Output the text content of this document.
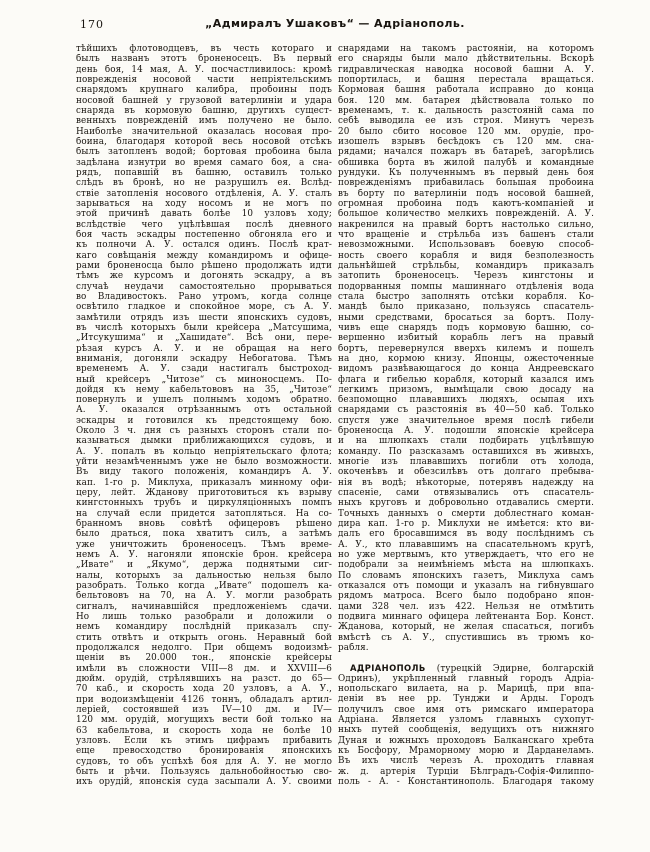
170	„Адмиралъ Ушаковъ“ — Адріанополь.
тѣйшихъ флотоводцевъ, въ честь котораго и
былъ названъ этотъ броненосецъ. Въ первый
день боя, 14 мая, А. У. посчастливилось: кромѣ
поврежденія носовой части непріятельскимъ
снарядомъ крупнаго калибра, пробоины подъ
носовой башней у грузовой ватерлиніи и удара
снаряда въ кормовую башню, другихъ сущест-
венныхъ поврежденій имъ получено не было.
Наиболѣе значительной оказалась носовая про-
боина, благодаря которой весь носовой отсѣкъ
былъ затопленъ водой; бортовая пробоина была
задѣлана изнутри во время самаго боя, а сна-
рядъ, попавшій въ башню, оставилъ только
слѣдъ въ бронѣ, но не разрушилъ ея. Вслѣд-
ствіе затопленія носового отдѣленія, А. У. сталъ
зарываться на ходу носомъ и не могъ по
этой причинѣ давать болѣе 10 узловъ ходу;
вслѣдствіе чего уцѣлѣвшая послѣ дневного
боя часть эскадры постепенно обгоняла его и
къ полночи А. У. остался одинъ. Послѣ крат-
каго совѣщанія между командиромъ и офице-
рами броненосца было рѣшено продолжать идти
тѣмъ же курсомъ и догонять эскадру, а въ
случаѣ неудачи самостоятельно прорываться
во Владивостокъ. Рано утромъ, когда солнце
освѣтило гладкое и спокойное море, съ А. У.
замѣтили отрядъ изъ шести японскихъ судовъ,
въ числѣ которыхъ были крейсера „Матсушима,
„Итсукушима“ и „Хашидате“. Всѣ они, пере-
рѣзая курсъ А. У. и не обращая на него
вниманія, догоняли эскадру Небогатова. Тѣмъ
временемъ А. У. сзади настигалъ быстроход-
ный крейсеръ „Читозе“ съ миноносцемъ. По-
дойдя къ нему кабельтововъ на 35, „Читозе“
повернулъ и ушелъ полнымъ ходомъ обратно.
А. У. оказался отрѣзаннымъ отъ остальной
эскадры и готовился къ предстоящему бою.
Около 3 ч. дня съ разныхъ сторонъ стали по-
казываться дымки приближающихся судовъ, и
А. У. попалъ въ кольцо непріятельскаго флота;
уйти незамѣченнымъ уже не было возможности.
Въ виду такого положенія, командиръ А. У.
кап. 1-го р. Миклуха, приказалъ минному офи-
церу, лейт. Жданову приготовиться къ взрыву
кингстонныхъ трубъ и циркуляціонныхъ помпъ
на случай если придется затопляться. На со-
бранномъ вновь совѣтѣ офицеровъ рѣшено
было драться, пока хватитъ силъ, а затѣмъ
уже уничтожить броненосецъ. Тѣмъ време-
немъ А. У. нагоняли японскіе брон. крейсера
„Ивате“ и „Якумо“, держа поднятыми сиг-
налы, которыхъ за дальностью нельзя было
разобрать. Только когда „Ивате“ подошелъ ка-
бельтововъ на 70, на А. У. могли разобрать
сигналъ, начинавшійся предложеніемъ сдачи.
Но лишь только разобрали и доложили о
немъ командиру послѣдній приказалъ спу-
стить отвѣтъ и открыть огонь. Неравный бой
продолжался недолго. При общемъ водоизмѣ-
щеніи въ 20.000 тон., японскіе крейсеры
имѣли въ сложности VIII—8 дм. и XXVIII—6
дюйм. орудій, стрѣлявшихъ на разст. до 65—
70 каб., и скорость хода 20 узловъ, а А. У.,
при водоизмѣщеніи 4126 тоннъ, обладалъ артил-
леріей, состоявшей изъ IV—10 дм. и IV—
120 мм. орудій, могущихъ вести бой только на
63 кабельтова, и скорость хода не болѣе 10
узловъ. Если къ этимъ цифрамъ прибавить
еще превосходство бронированія японскихъ
судовъ, то объ успѣхѣ боя для А. У. не могло
быть и рѣчи. Пользуясь дальнобойностью сво-
ихъ орудій, японскія суда засыпали А. У. своими
снарядами на такомъ растояніи, на которомъ
его снаряды были мало дѣйствительны. Вскорѣ
гидравлическая наводка носовой башни А. У.
попортилась, и башня перестала вращаться.
Кормовая башня работала исправно до конца
боя. 120 мм. батарея дѣйствовала только по
временамъ, т. к. дальность разстояній сама по
себѣ выводила ее изъ строя. Минутъ черезъ
20 было сбито носовое 120 мм. орудіе, про-
изошелъ взрывъ бесѣдокъ съ 120 мм. сна-
рядами; начался пожаръ въ батареѣ, загорѣлись
обшивка борта въ жилой палубѣ и командные
рундуки. Къ полученнымъ въ первый день боя
поврежденіямъ прибавилась большая пробоина
въ борту по ватерлиніи подъ носовой башней,
огромная пробоина подъ каютъ-компаніей и
большое количество мелкихъ поврежденій. А. У.
накренился на правый бортъ настолько сильно,
что вращеніе и стрѣльба изъ башенъ стали
невозможными. Использовавъ боевую способ-
ность своего корабля и видя безполезность
дальнѣйшей стрѣльбы, командиръ приказалъ
затопить броненосецъ. Черезъ кингстоны и
подорванныя помпы машиннаго отдѣленія вода
стала быстро заполнять отсѣки корабля. Ко-
мандѣ было приказано, пользуясь спасатель-
ными средствами, бросаться за бортъ. Полу-
чивъ еще снарядъ подъ кормовую башню, со-
вершенно избитый корабль легъ на правый
бортъ, перевернулся вверхъ килемъ и пошелъ
на дно, кормою книзу. Японцы, ожесточенные
видомъ развѣвающагося до конца Андреевскаго
флага и гибелью корабля, который казался имъ
легкимъ призомъ, вымѣщали свою досаду на
безпомощно плававшихъ людяхъ, осыпая ихъ
снарядами съ разстоянія въ 40—50 каб. Только
спустя уже значительное время послѣ гибели
броненосца А. У. подошли японскіе крейсера
и на шлюпкахъ стали подбирать уцѣлѣвшую
команду. По разсказамъ оставшихся въ живыхъ,
многіе изъ плававшихъ погибли отъ холода,
окоченѣвъ и обезсилѣвъ отъ долгаго пребыва-
нія въ водѣ; нѣкоторые, потерявъ надежду на
спасеніе, сами отвязывались отъ спасатель-
ныхъ круговъ и добровольно отдавались смерти.
Точныхъ данныхъ о смерти доблестнаго коман-
дира кап. 1-го р. Миклухи не имѣется: кто ви-
далъ его бросавшимся въ воду послѣднимъ съ
А. У., кто плававшимъ на спасательномъ кругѣ,
но уже мертвымъ, кто утверждаетъ, что его не
подобрали за неимѣніемъ мѣста на шлюпкахъ.
По словамъ японскихъ газетъ, Миклуха самъ
отказался отъ помощи и указалъ на гибнувшаго
рядомъ матроса. Всего было подобрано япон-
цами 328 чел. изъ 422. Нельзя не отмѣтить
подвига миннаго офицера лейтенанта Бор. Конст.
Жданова, который, не желая спасаться, погибъ
вмѣстѣ съ А. У., спустившись въ трюмъ ко-
рабля.
АДРІАНОПОЛЬ (турецкій Эдирне, болгарскій
Одринъ), укрѣпленный главный городъ Адріа-
нопольскаго вилаета, на р. Марицѣ, при впа-
деніи въ нее рр. Тунджи и Арды. Городъ
получилъ свое имя отъ римскаго императора
Адріана. Является узломъ главныхъ сухопут-
ныхъ путей сообщенія, ведущихъ отъ нижняго
Дуная и южныхъ проходовъ Балканскаго хребта
къ Босфору, Мраморному морю и Дарданеламъ.
Въ ихъ числѣ черезъ А. проходитъ главная
ж. д. артерія Турціи Бѣлградъ-Софія-Филиппо-
поль - А. - Константинополь. Благодаря такому
